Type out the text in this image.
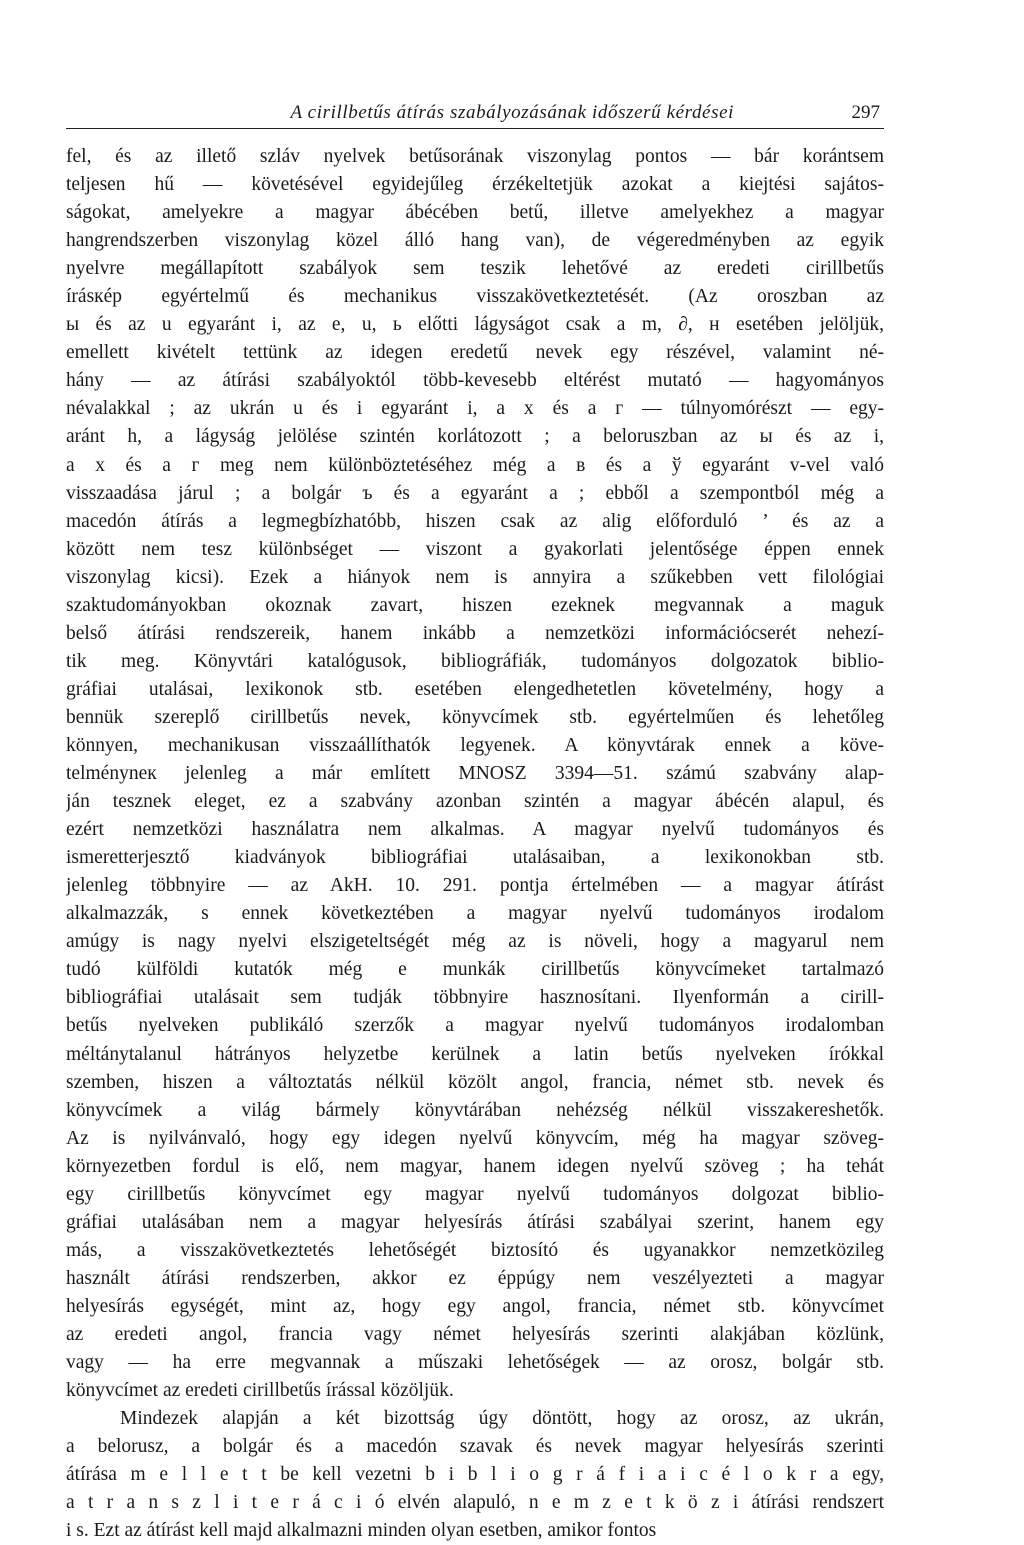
A cirillbetűs átírás szabályozásának időszerű kérdései	297
fel, és az illető szláv nyelvek betűsorának viszonylag pontos — bár korántsem
teljesen hű — követésével egyidejűleg érzékeltetjük azokat a kiejtési sajátos-
ságokat, amelyekre a magyar ábécében betű, illetve amelyekhez a magyar
hangrendszerben viszonylag közel álló hang van), de végeredményben az egyik
nyelvre megállapított szabályok sem teszik lehetővé az eredeti cirillbetűs
írásкép egyértelmű és mechanikus visszakövetkeztetését. (Az oroszban az
ы és az u egyaránt i, az e, u, ь előtti lágyságot csak a m, ∂, н esetében jelöljük,
emellett kivételt tettünk az idegen eredetű nevek egy részével, valamint né-
hány — az átírási szabályoktól több-kevesebb eltérést mutató — hagyományos
névalakkal ; az ukrán u és i egyaránt i, a x és a г — túlnyomórészt — egy-
aránt h, a lágyság jelölése szintén korlátozott ; a beloruszban az ы és az i,
a x és a г meg nem különböztetéséhez még a в és a ў egyaránt v-vel való
visszaadása járul ; a bolgár ъ és a egyaránt a ; ebből a szempontból még a
macedón átírás a legmegbízhatóbb, hiszen csak az alig előforduló ’ és az a
között nem tesz különbséget — viszont a gyakorlati jelentősége éppen ennek
viszonylag kicsi). Ezek a hiányok nem is annyira a szűkebben vett filológiai
szaktudományokban okoznak zavart, hiszen ezeknek megvannak a maguk
belső átírási rendszereik, hanem inkább a nemzetközi információcserét nehezí-
tik meg. Könyvtári katalógusok, bibliográfiák, tudományos dolgozatok biblio-
gráfiai utalásai, lexikonok stb. esetében elengedhetetlen követelmény, hogy a
bennük szereplő cirillbetűs nevek, könyvcímek stb. egyértelműen és lehetőleg
könnyen, mechanikusan visszaállíthatók legyenek. A könyvtárak ennek a köve-
telményneк jelenleg a már említett MNOSZ 3394—51. számú szabvány alap-
ján tesznek eleget, ez a szabvány azonban szintén a magyar ábécén alapul, és
ezért nemzetközi használatra nem alkalmas. A magyar nyelvű tudományos és
ismeretterjesztő kiadványok bibliográfiai utalásaiban, a lexikonokban stb.
jelenleg többnyire — az AkH. 10. 291. pontja értelmében — a magyar átírást
alkalmazzák, s ennek következtében a magyar nyelvű tudományos irodalom
amúgy is nagy nyelvi elszigeteltségét még az is növeli, hogy a magyarul nem
tudó külföldi kutatók még e munkák cirillbetűs könyvcímeket tartalmazó
bibliográfiai utalásait sem tudják többnyire hasznosítani. Ilyenformán a cirill-
betűs nyelveken publikáló szerzők a magyar nyelvű tudományos irodalomban
méltánytalanul hátrányos helyzetbe kerülnek a latin betűs nyelveken írókkal
szemben, hiszen a változtatás nélkül közölt angol, francia, német stb. nevek és
könyvcímek a világ bármely könyvtárában nehézség nélkül visszakereshetők.
Az is nyilvánvaló, hogy egy idegen nyelvű könyvcím, még ha magyar szöveg-
környezetben fordul is elő, nem magyar, hanem idegen nyelvű szöveg ; ha tehát
egy cirillbetűs könyvcímet egy magyar nyelvű tudományos dolgozat biblio-
gráfiai utalásában nem a magyar helyesírás átírási szabályai szerint, hanem egy
más, a visszakövetkeztetés lehetőségét biztosító és ugyanakkor nemzetközileg
használt átírási rendszerben, akkor ez éppúgy nem veszélyezteti a magyar
helyesírás egységét, mint az, hogy egy angol, francia, német stb. könyvcímet
az eredeti angol, francia vagy német helyesírás szerinti alakjában közlünk,
vagy — ha erre megvannak a műszaki lehetőségek — az orosz, bolgár stb.
könyvcímet az eredeti cirillbetűs írással közöljük.
Mindezek alapján a két bizottság úgy döntött, hogy az orosz, az ukrán,
a belorusz, a bolgár és a macedón szavak és nevek magyar helyesírás szerinti
átírása m e l l e t t be kell vezetni b i b l i o g r á f i a i c é l o k r a egy,
a t r a n s z l i t e r á c i ó elvén alapuló, n e m z e t k ö z i átírási rendszert
i s. Ezt az átírást kell majd alkalmazni minden olyan esetben, amikor fontos
